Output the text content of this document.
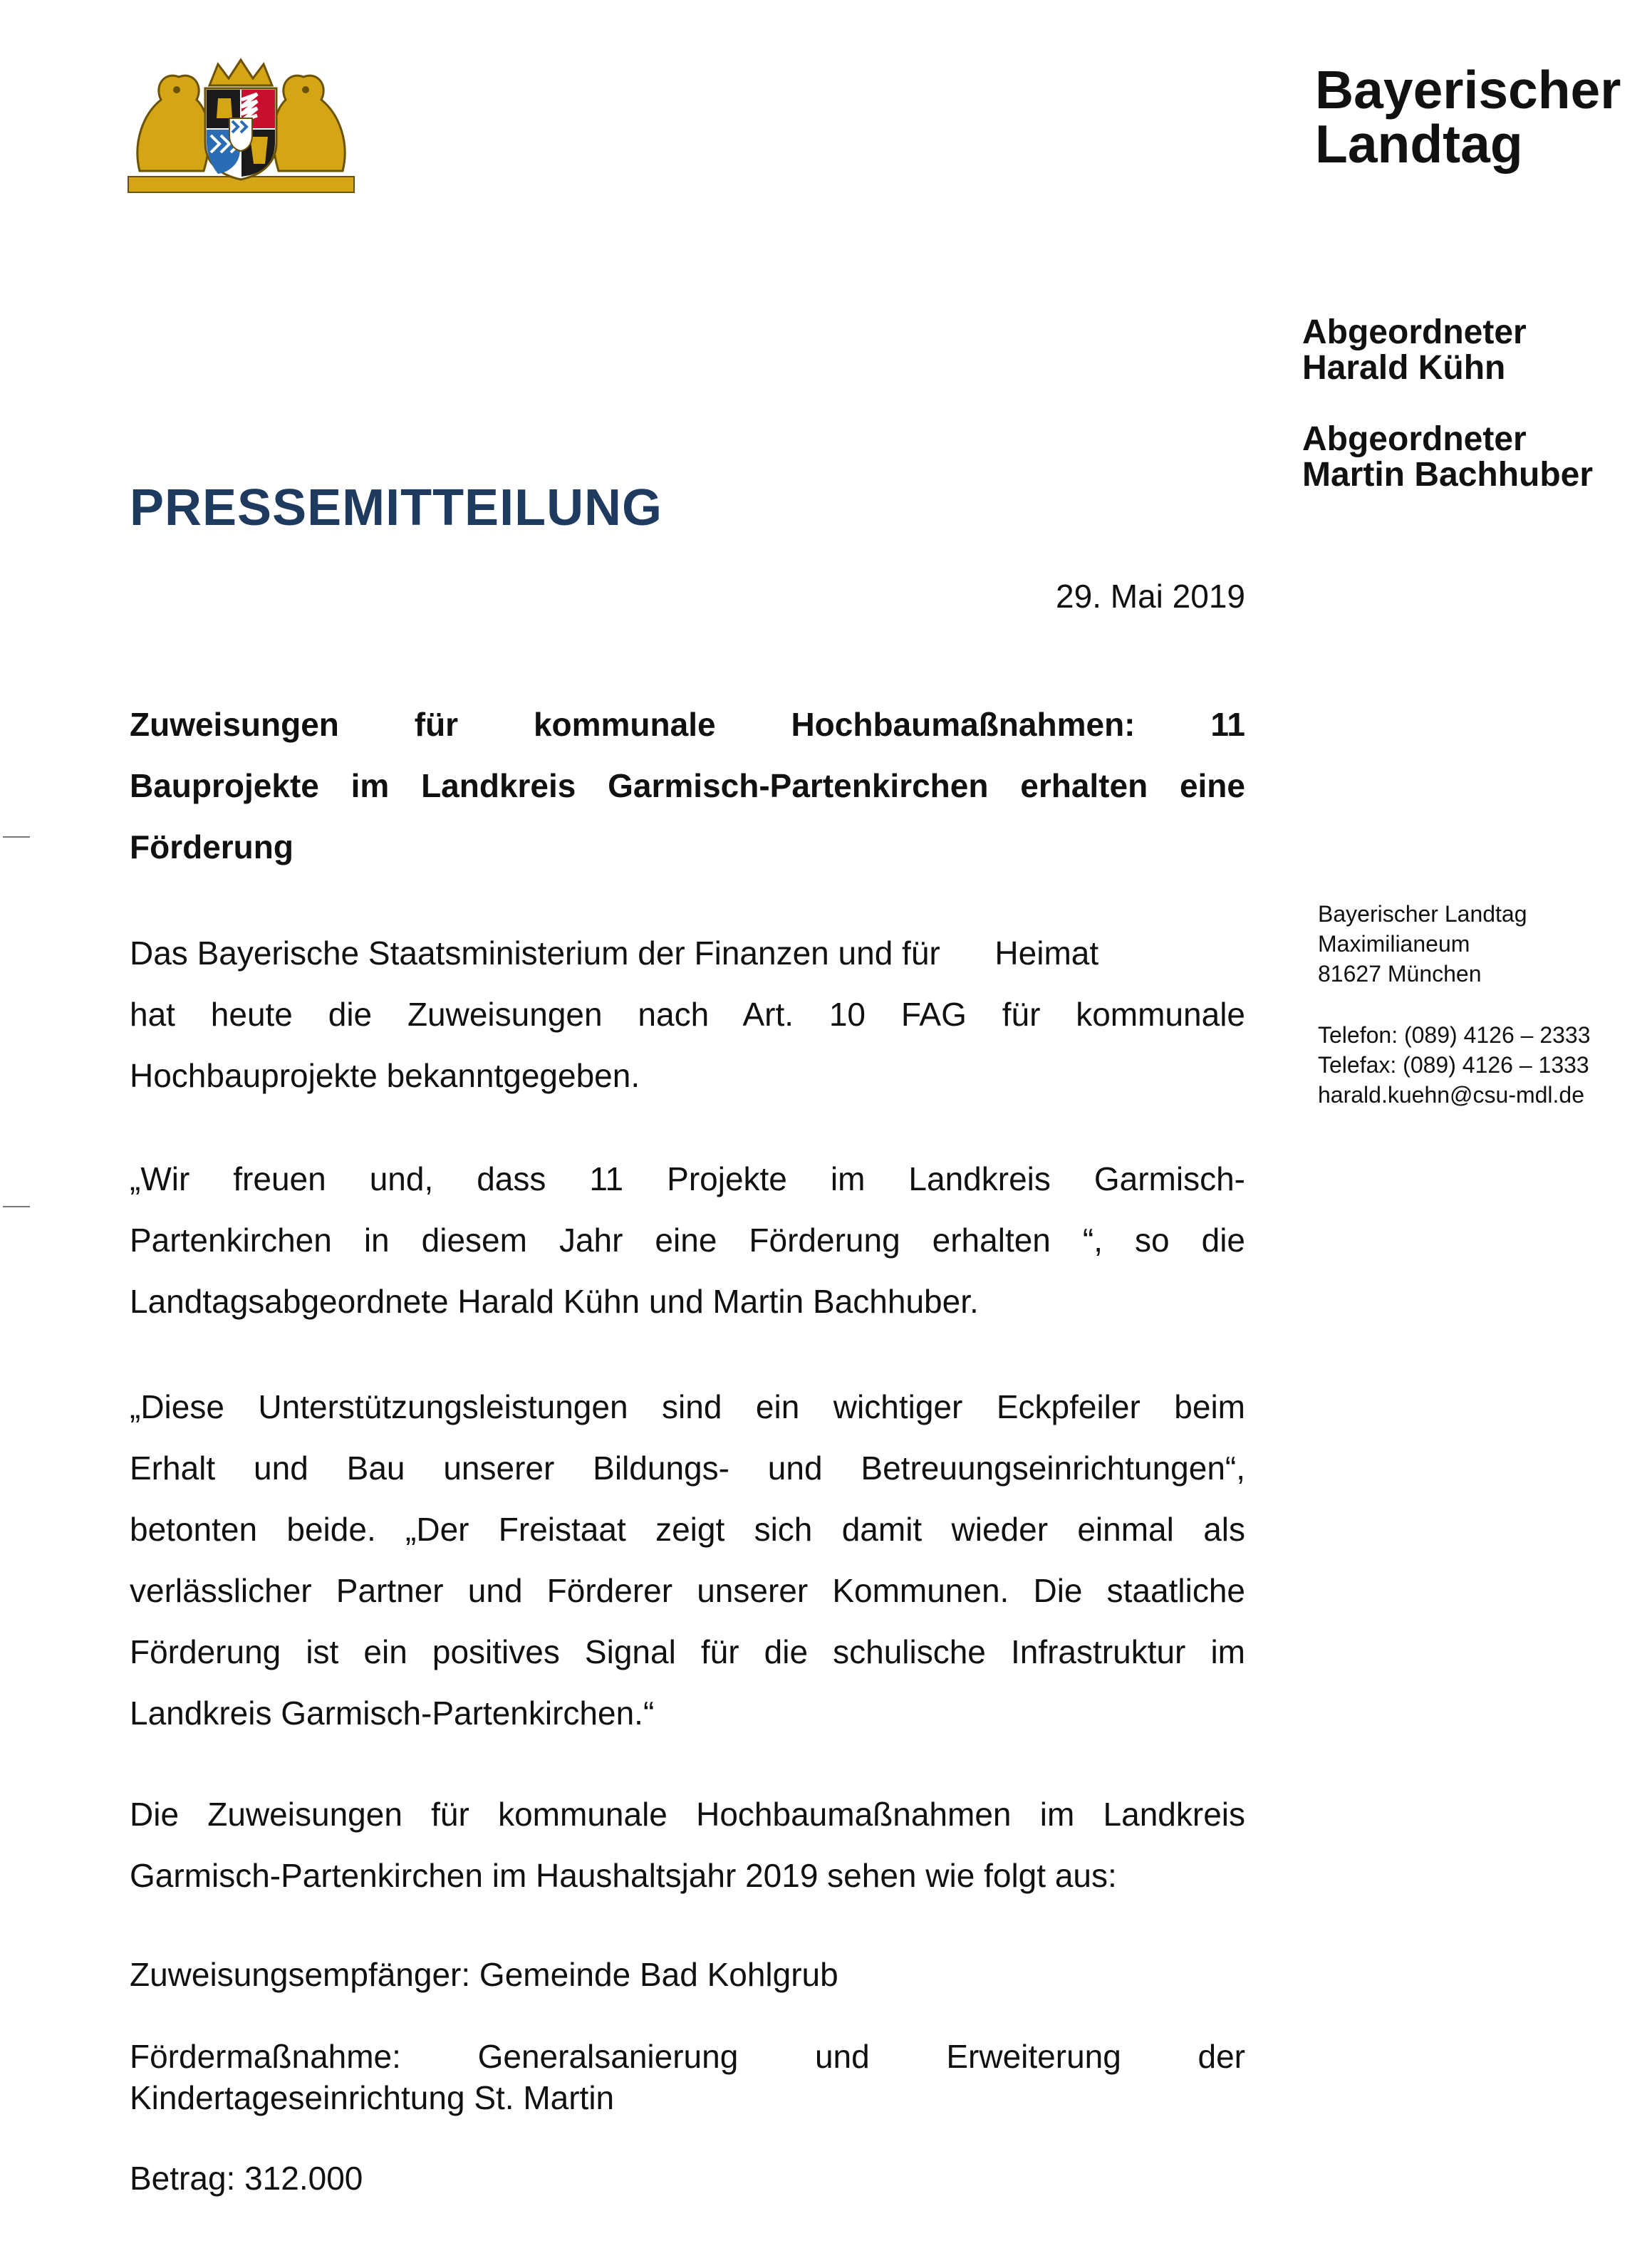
Bayerischer
Landtag
Abgeordneter
Harald Kühn
Abgeordneter
Martin Bachhuber
PRESSEMITTEILUNG
29. Mai 2019
Zuweisungen für kommunale Hochbaumaßnahmen: 11
Bauprojekte im Landkreis Garmisch-Partenkirchen erhalten eine
Förderung
Das Bayerische Staatsministerium der Finanzen und für      Heimat
hat heute die Zuweisungen nach Art. 10 FAG für kommunale
Hochbauprojekte bekanntgegeben.
„Wir freuen und, dass 11 Projekte im Landkreis Garmisch-
Partenkirchen in diesem Jahr eine Förderung erhalten “, so die
Landtagsabgeordnete Harald Kühn und Martin Bachhuber.
„Diese Unterstützungsleistungen sind ein wichtiger Eckpfeiler beim
Erhalt und Bau unserer Bildungs- und Betreuungseinrichtungen“,
betonten beide. „Der Freistaat zeigt sich damit wieder einmal als
verlässlicher Partner und Förderer unserer Kommunen. Die staatliche
Förderung ist ein positives Signal für die schulische Infrastruktur im
Landkreis Garmisch-Partenkirchen.“
Die Zuweisungen für kommunale Hochbaumaßnahmen im Landkreis
Garmisch-Partenkirchen im Haushaltsjahr 2019 sehen wie folgt aus:
Zuweisungsempfänger: Gemeinde Bad Kohlgrub
Fördermaßnahme: Generalsanierung und Erweiterung der
Kindertageseinrichtung St. Martin
Betrag: 312.000
Bayerischer Landtag
Maximilianeum
81627 München
Telefon: (089) 4126 – 2333
Telefax: (089) 4126 – 1333
harald.kuehn@csu-mdl.de
